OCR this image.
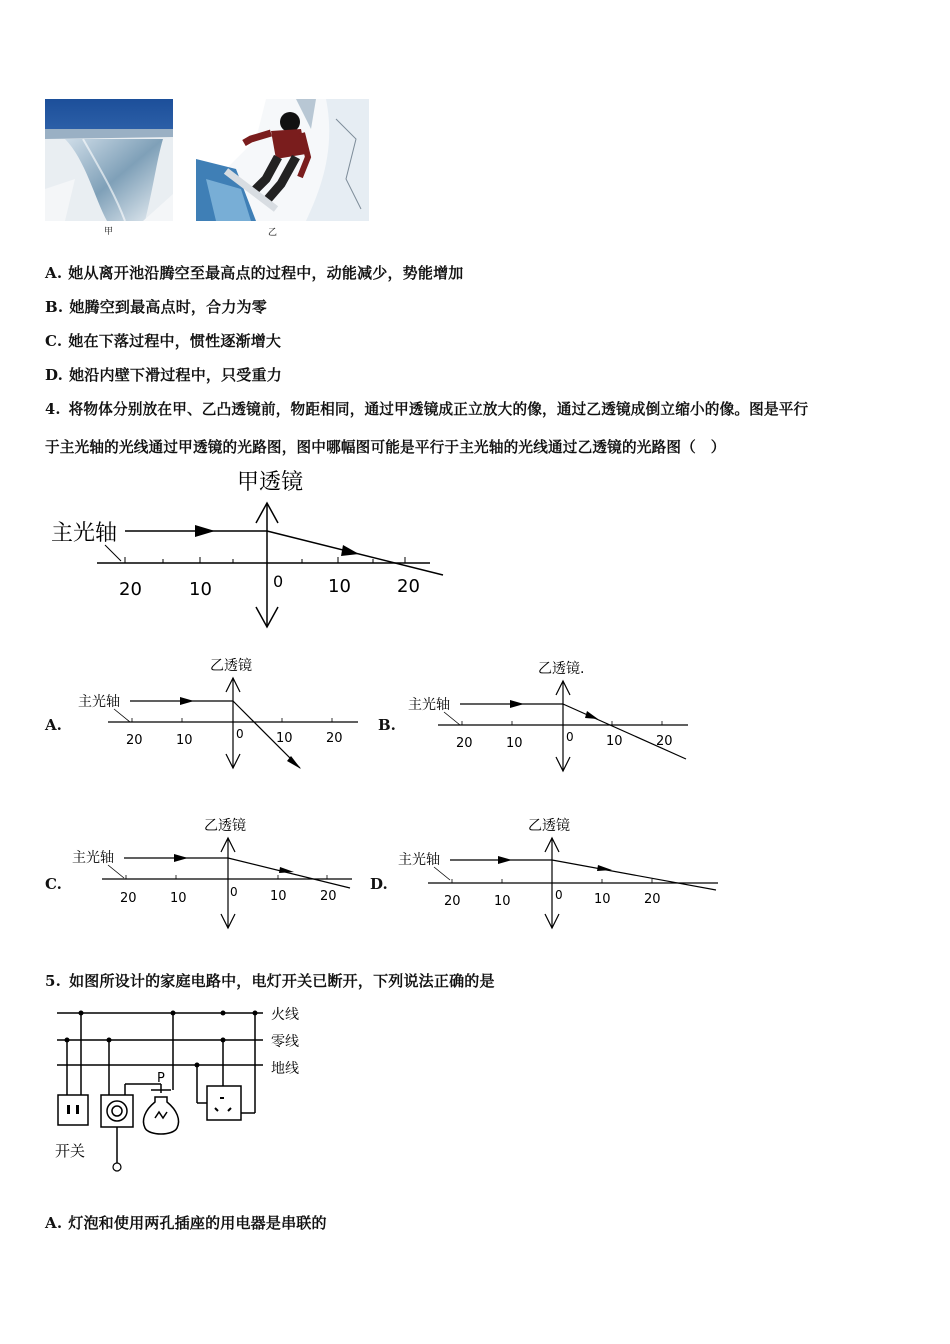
甲	乙
A. 她从离开池沿腾空至最高点的过程中，动能减少，势能增加
B. 她腾空到最高点时，合力为零
C. 她在下落过程中，惯性逐渐增大
D. 她沿内壁下滑过程中，只受重力
4. 将物体分别放在甲、乙凸透镜前，物距相同，通过甲透镜成正立放大的像，通过乙透镜成倒立缩小的像。图是平行
于主光轴的光线通过甲透镜的光路图，图中哪幅图可能是平行于主光轴的光线通过乙透镜的光路图（　）
甲透镜
主光轴
20	10	0 10	20
A.
乙透镜
主光轴
20	10	0 10	20
B.
乙透镜.
主光轴
20	10	0 10	20
C.
乙透镜
主光轴
20	10	0 10	20
D.
乙透镜
主光轴
20	10	0 10	20
5. 如图所设计的家庭电路中，电灯开关已断开，下列说法正确的是
火线
零线
地线
P
开关
A. 灯泡和使用两孔插座的用电器是串联的
